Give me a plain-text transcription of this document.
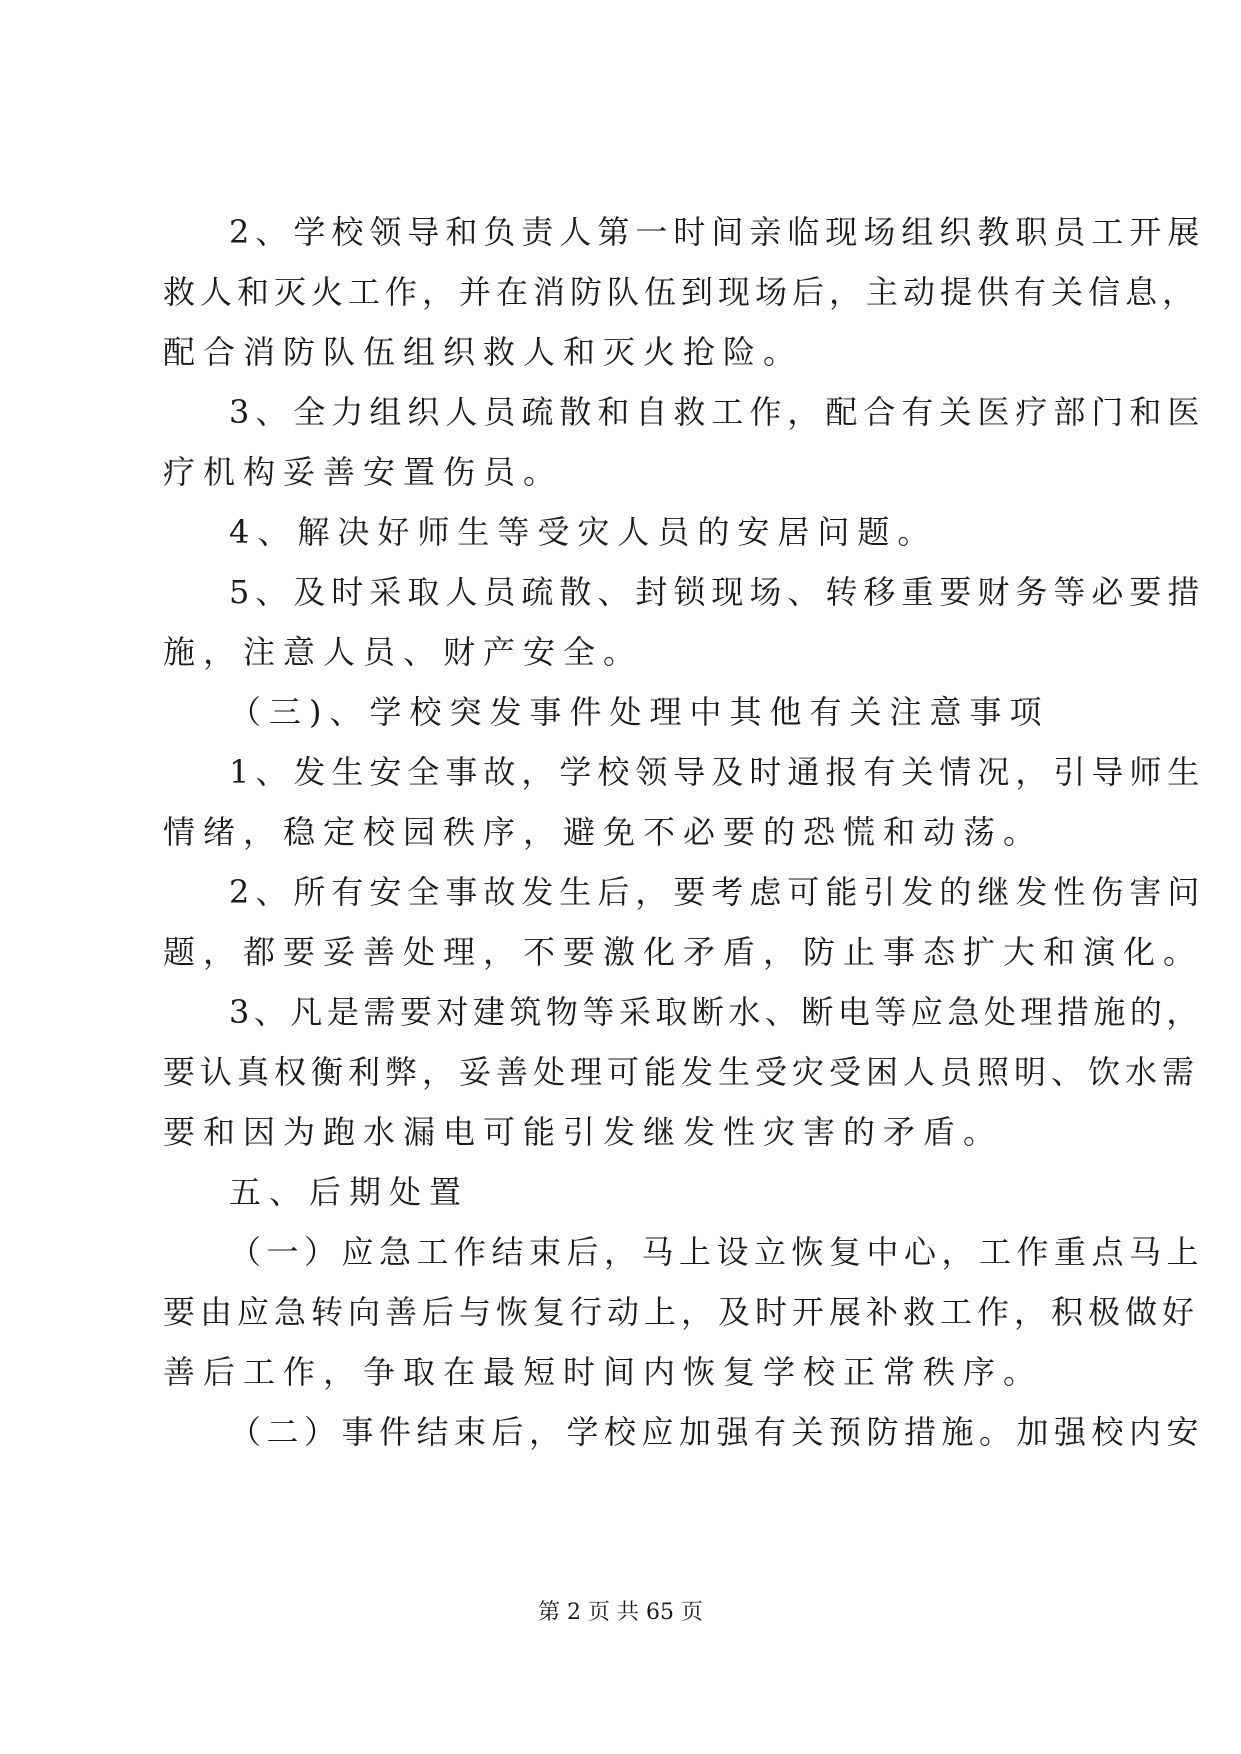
2、学校领导和负责人第一时间亲临现场组织教职员工开展
救人和灭火工作，并在消防队伍到现场后，主动提供有关信息，
配合消防队伍组织救人和灭火抢险。
3、全力组织人员疏散和自救工作，配合有关医疗部门和医
疗机构妥善安置伤员。
4、解决好师生等受灾人员的安居问题。
5、及时采取人员疏散、封锁现场、转移重要财务等必要措
施，注意人员、财产安全。
（三)、学校突发事件处理中其他有关注意事项
1、发生安全事故，学校领导及时通报有关情况，引导师生
情绪，稳定校园秩序，避免不必要的恐慌和动荡。
2、所有安全事故发生后，要考虑可能引发的继发性伤害问
题，都要妥善处理，不要激化矛盾，防止事态扩大和演化。
3、凡是需要对建筑物等采取断水、断电等应急处理措施的，
要认真权衡利弊，妥善处理可能发生受灾受困人员照明、饮水需
要和因为跑水漏电可能引发继发性灾害的矛盾。
五、后期处置
（一）应急工作结束后，马上设立恢复中心，工作重点马上
要由应急转向善后与恢复行动上，及时开展补救工作，积极做好
善后工作，争取在最短时间内恢复学校正常秩序。
（二）事件结束后，学校应加强有关预防措施。加强校内安
第 2 页 共 65 页
